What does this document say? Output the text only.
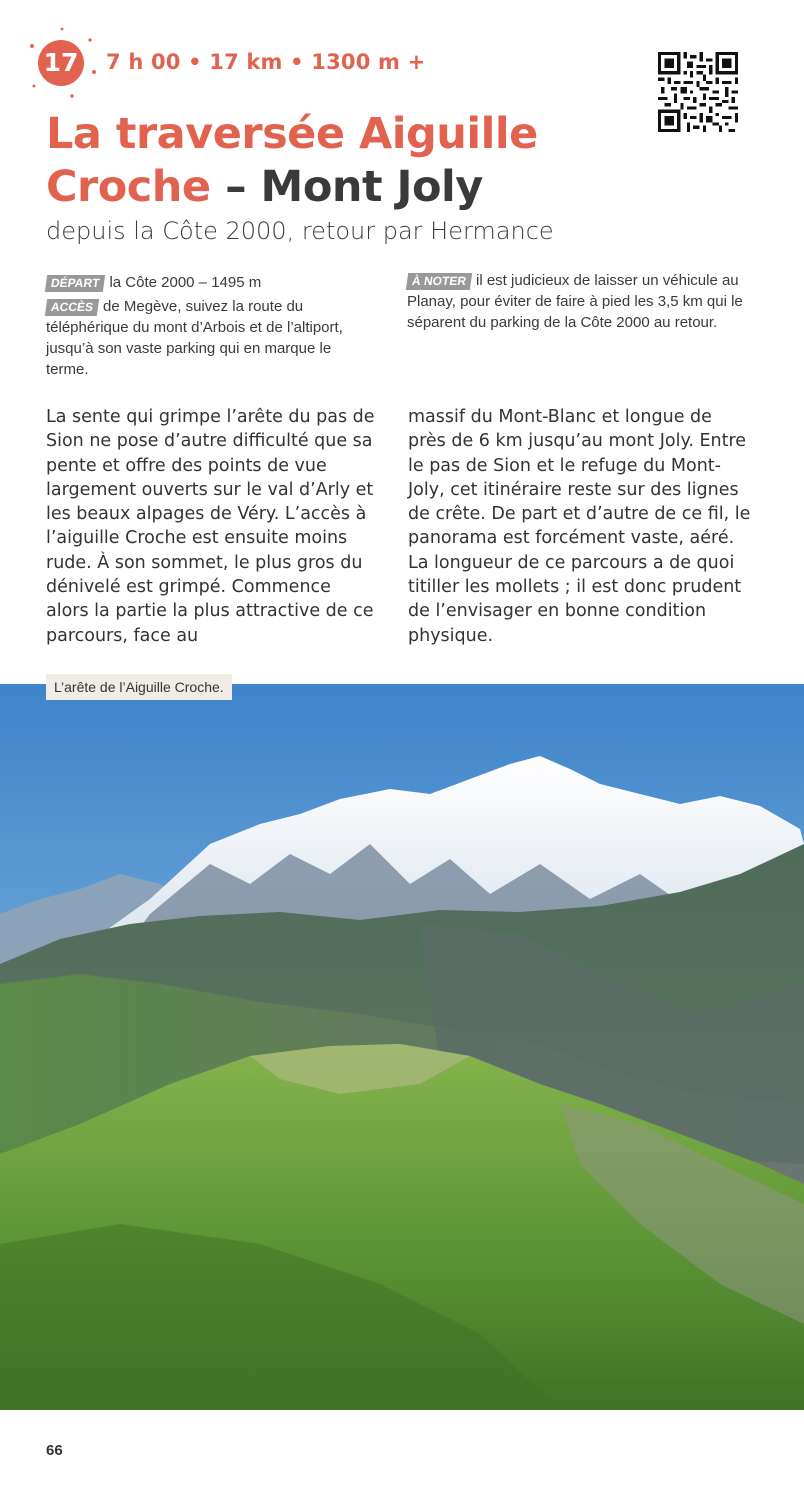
17 7 h 00 • 17 km • 1300 m +
La traversée Aiguille
Croche – Mont Joly
depuis la Côte 2000, retour par Hermance

DÉPART la Côte 2000 – 1495 m

ACCÈS de Megève, suivez la route du téléphérique du mont d’Arbois et de l’altiport, jusqu’à son vaste parking qui en marque le terme.

À NOTER il est judicieux de laisser un véhicule au Planay, pour éviter de faire à pied les 3,5 km qui le séparent du parking de la Côte 2000 au retour.

La sente qui grimpe l’arête du pas de Sion ne pose d’autre difficulté que sa pente et offre des points de vue largement ouverts sur le val d’Arly et les beaux alpages de Véry. L’accès à l’aiguille Croche est ensuite moins rude. À son sommet, le plus gros du dénivelé est grimpé. Commence alors la partie la plus attractive de ce parcours, face au
massif du Mont-Blanc et longue de près de 6 km jusqu’au mont Joly. Entre le pas de Sion et le refuge du Mont-Joly, cet itinéraire reste sur des lignes de crête. De part et d’autre de ce fil, le panorama est forcément vaste, aéré. La longueur de ce parcours a de quoi titiller les mollets ; il est donc prudent de l’envisager en bonne condition physique.
L’arête de l’Aiguille Croche.
66
